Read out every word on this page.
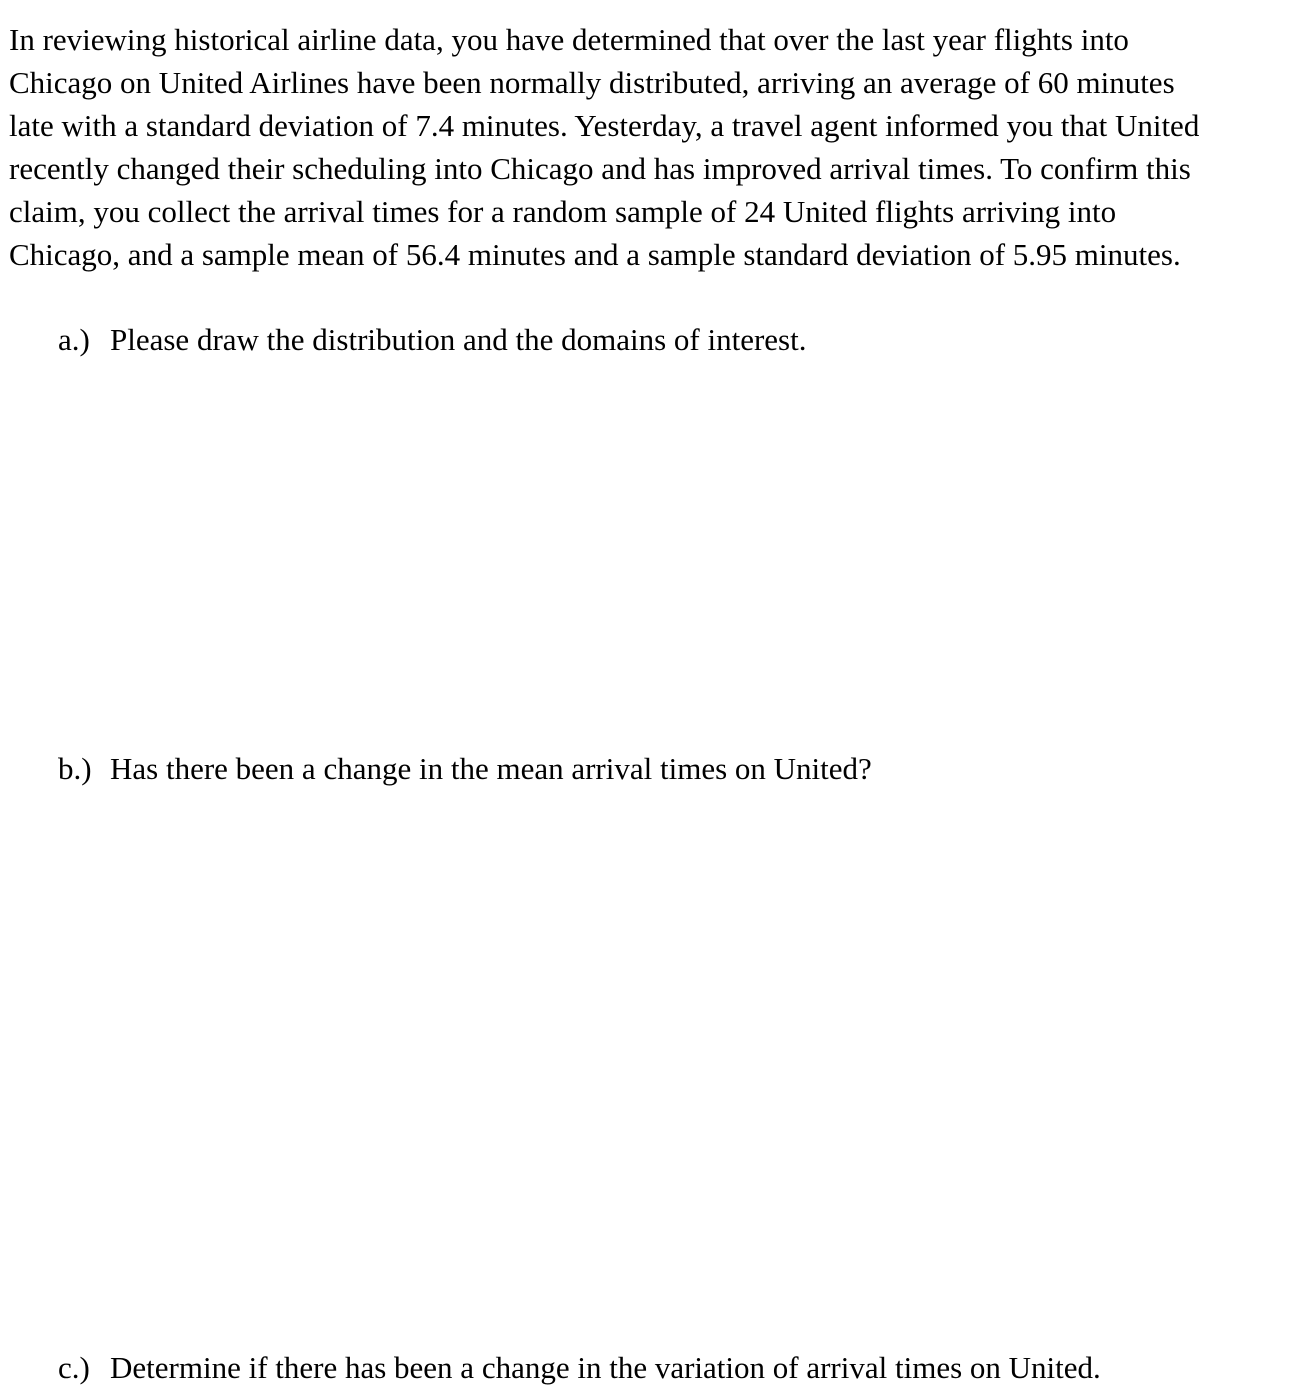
In reviewing historical airline data, you have determined that over the last year flights into
Chicago on United Airlines have been normally distributed, arriving an average of 60 minutes
late with a standard deviation of 7.4 minutes. Yesterday, a travel agent informed you that United
recently changed their scheduling into Chicago and has improved arrival times. To confirm this
claim, you collect the arrival times for a random sample of 24 United flights arriving into
Chicago, and a sample mean of 56.4 minutes and a sample standard deviation of 5.95 minutes.
a.) Please draw the distribution and the domains of interest.
b.) Has there been a change in the mean arrival times on United?
c.) Determine if there has been a change in the variation of arrival times on United.
